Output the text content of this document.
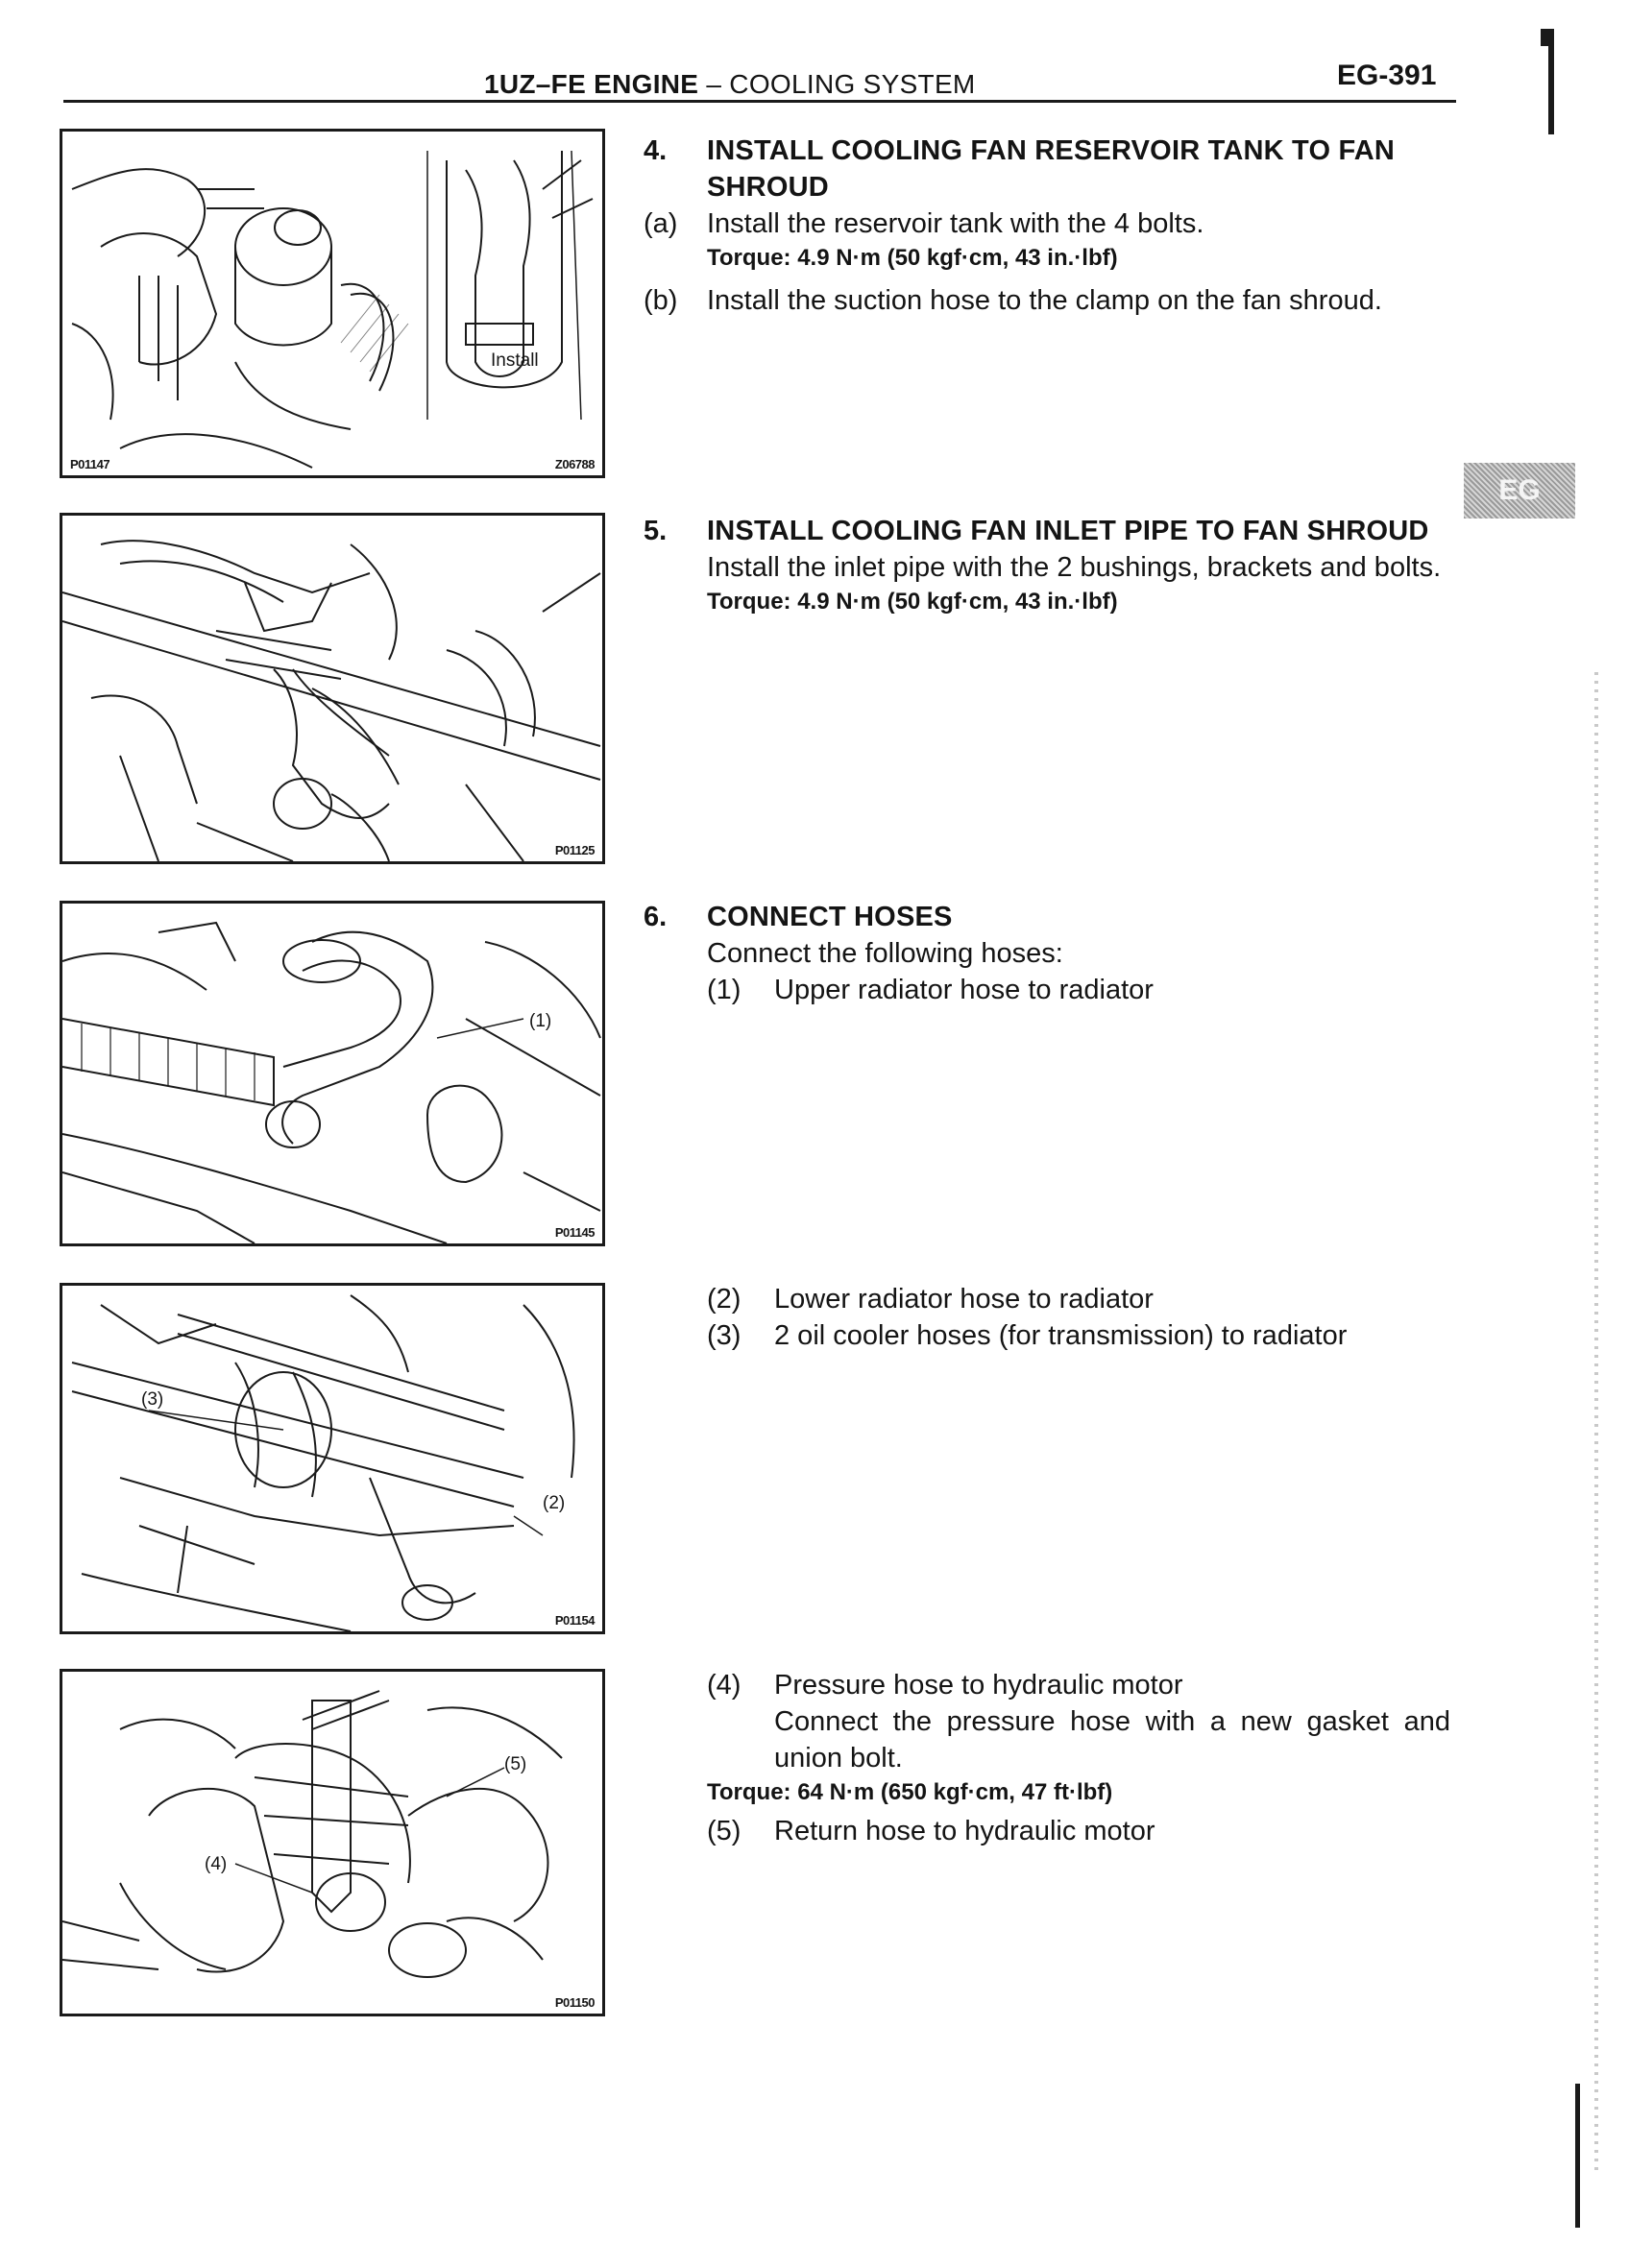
1UZ–FE ENGINE – COOLING SYSTEM	EG-391
EG
Install
P01147	Z06788
P01125
(1)
P01145
(3)
(2)
P01154
(5)
(4)
P01150
4.	INSTALL COOLING FAN RESERVOIR TANK TO FAN SHROUD
(a)	Install the reservoir tank with the 4 bolts.
Torque: 4.9 N·m (50 kgf·cm, 43 in.·lbf)
(b)	Install the suction hose to the clamp on the fan shroud.
5.	INSTALL COOLING FAN INLET PIPE TO FAN SHROUD
Install the inlet pipe with the 2 bushings, brackets and bolts.
Torque: 4.9 N·m (50 kgf·cm, 43 in.·lbf)
6.	CONNECT HOSES
Connect the following hoses:
(1)	Upper radiator hose to radiator
(2)	Lower radiator hose to radiator
(3)	2 oil cooler hoses (for transmission) to radiator
(4)	Pressure hose to hydraulic motor
Connect the pressure hose with a new gasket and union bolt.
Torque: 64 N·m (650 kgf·cm, 47 ft·lbf)
(5)	Return hose to hydraulic motor
